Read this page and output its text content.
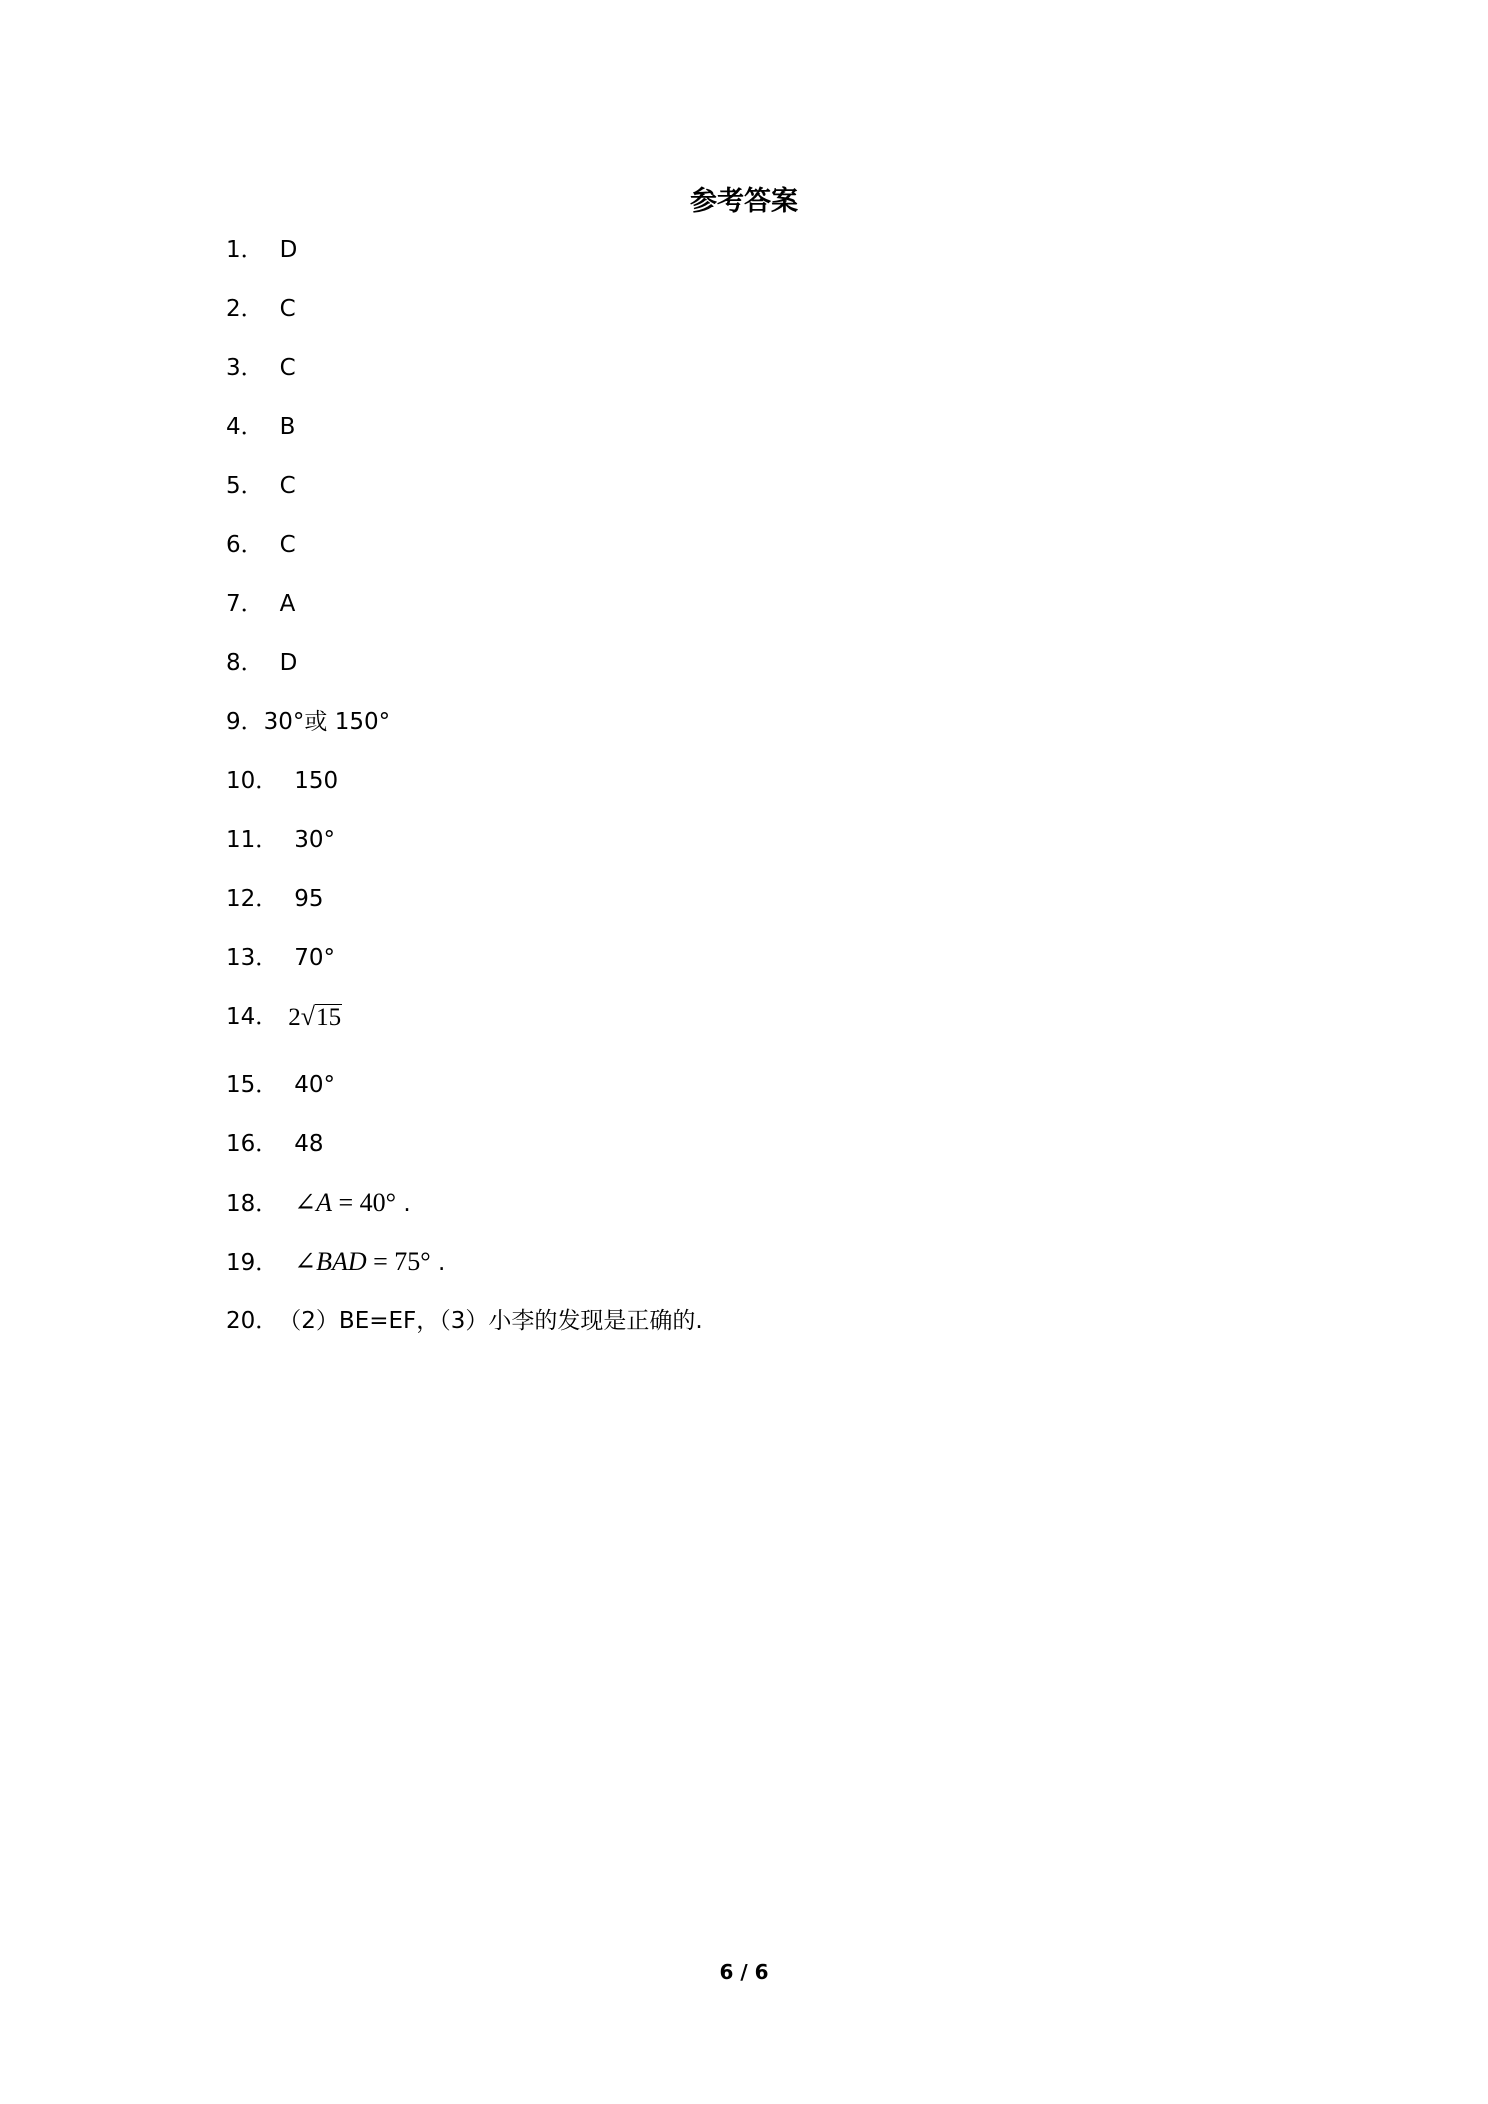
参考答案
1． D
2． C
3． C
4． B
5． C
6． C
7． A
8． D
9．30°或 150°
10． 150
11． 30°
12． 95
13． 70°
14． 2√15
15． 40°
16． 48
18． ∠A = 40° .
19． ∠BAD = 75° .
20．（2）BE=EF，（3）小李的发现是正确的.
6 / 6
